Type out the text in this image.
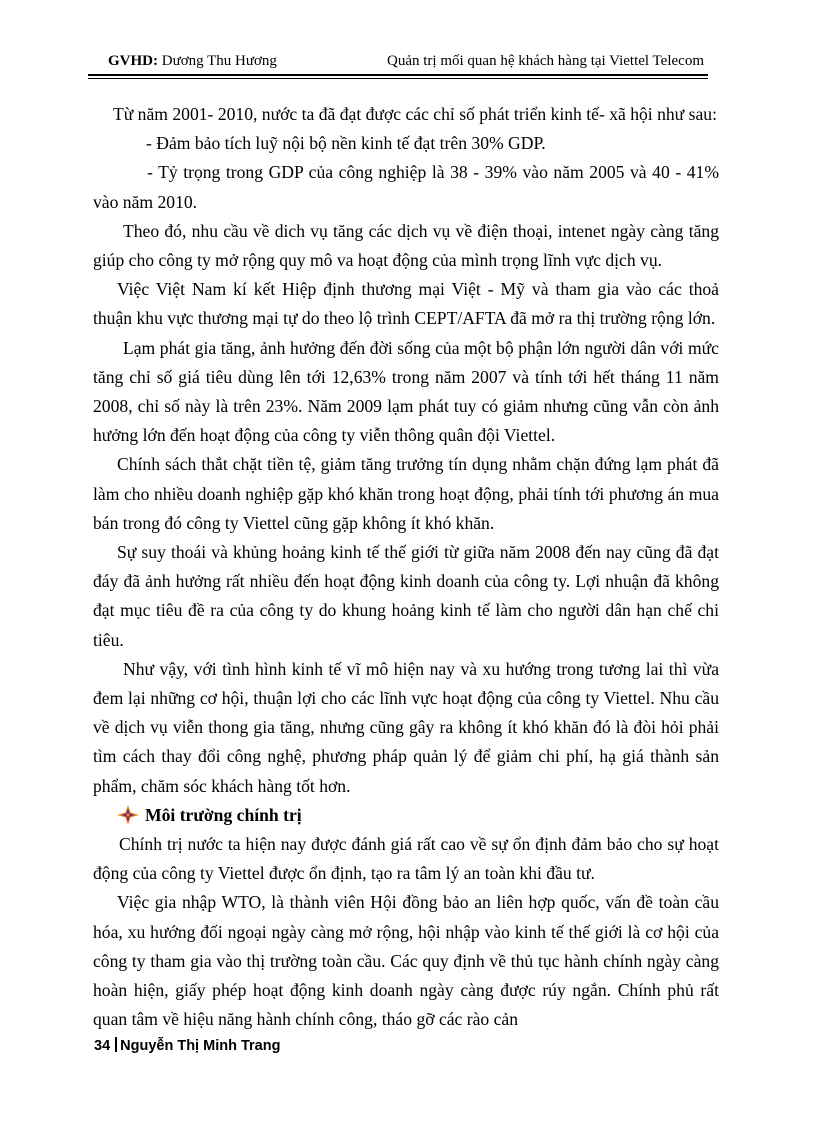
GVHD: Dương Thu Hương	Quản trị mối quan hệ khách hàng tại Viettel Telecom

Từ năm 2001- 2010, nước ta đã đạt được các chỉ số phát triển kinh tế- xã hội như sau:

- Đảm bảo tích luỹ nội bộ nền kinh tế đạt trên 30% GDP.

- Tỷ trọng trong GDP của công nghiệp là 38 - 39% vào năm 2005 và 40 - 41% vào năm 2010.

Theo đó, nhu cầu về dich vụ tăng các dịch vụ về điện thoại, intenet ngày càng tăng giúp cho công ty mở rộng quy mô va hoạt động của mình trọng lĩnh vực dịch vụ.

Việc Việt Nam kí kết Hiệp định thương mại Việt - Mỹ và tham gia vào các thoả thuận khu vực thương mại tự do theo lộ trình CEPT/AFTA đã mở ra thị trường rộng lớn.

Lạm phát gia tăng, ảnh hưởng đến đời sống của một bộ phận lớn người dân với mức tăng chỉ số giá tiêu dùng lên tới 12,63% trong năm 2007 và tính tới hết tháng 11 năm 2008, chỉ số này là trên 23%. Năm 2009 lạm phát tuy có giảm nhưng cũng vẫn còn ảnh hưởng lớn đến hoạt động của công ty viễn thông quân đội Viettel.

Chính sách thắt chặt tiền tệ, giảm tăng trưởng tín dụng nhằm chặn đứng lạm phát đã làm cho nhiều doanh nghiệp gặp khó khăn trong hoạt động, phải tính tới phương án mua bán trong đó công ty Viettel cũng gặp không ít khó khăn.

Sự suy thoái và khủng hoảng kinh tế thế giới từ giữa năm 2008 đến nay cũng đã đạt đáy đã ảnh hưởng rất nhiều đến hoạt động kinh doanh của công ty. Lợi nhuận đã không đạt mục tiêu đề ra của công ty do khung hoảng kinh tế làm cho người dân hạn chế chi tiêu.

Như vậy, với tình hình kinh tế vĩ mô hiện nay và xu hướng trong tương lai thì vừa đem lại những cơ hội, thuận lợi cho các lĩnh vực hoạt động của công ty Viettel. Nhu cầu về dịch vụ viễn thong gia tăng, nhưng cũng gây ra không ít khó khăn đó là đòi hỏi phải tìm cách thay đổi công nghệ, phương pháp quản lý để giảm chi phí, hạ giá thành sản phẩm, chăm sóc khách hàng tốt hơn.

Môi trường chính trị

Chính trị nước ta hiện nay được đánh giá rất cao về sự ổn định đảm bảo cho sự hoạt động của công ty Viettel được ổn định, tạo ra tâm lý an toàn khi đầu tư.

Việc gia nhập WTO, là thành viên Hội đồng bảo an liên hợp quốc, vấn đề toàn cầu hóa, xu hướng đối ngoại ngày càng mở rộng, hội nhập vào kinh tế thế giới là cơ hội của công ty tham gia vào thị trường toàn cầu. Các quy định về thủ tục hành chính ngày càng hoàn hiện, giấy phép hoạt động kinh doanh ngày càng được rúy ngắn. Chính phủ rất quan tâm về hiệu năng hành chính công, tháo gỡ các rào cản

34 Nguyễn Thị Minh Trang
